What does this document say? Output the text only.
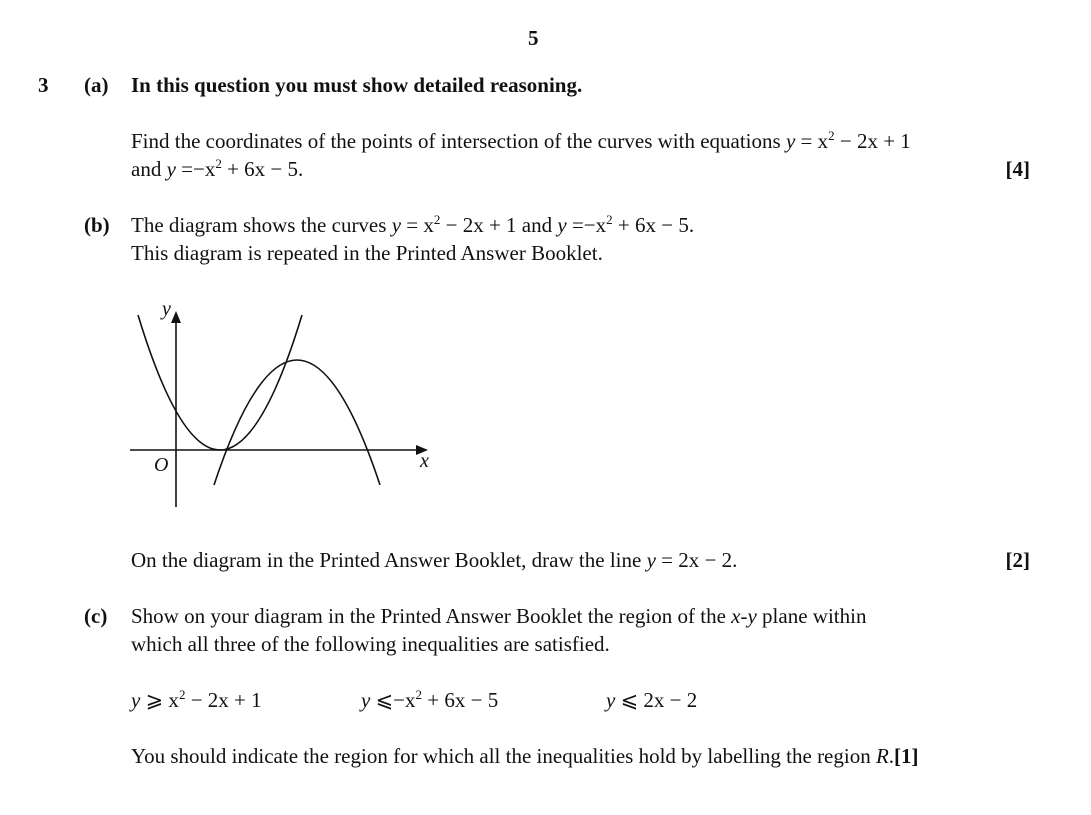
5
3 (a) In this question you must show detailed reasoning.
Find the coordinates of the points of intersection of the curves with equations $y = x^2 - 2x + 1$
and $y =-x^2 + 6x - 5$.	[4]
(b) The diagram shows the curves $y = x^2 - 2x + 1$ and $y =-x^2 + 6x - 5$.
This diagram is repeated in the Printed Answer Booklet.
y
x
O
On the diagram in the Printed Answer Booklet, draw the line y = 2x − 2.	[2]
(c) Show on your diagram in the Printed Answer Booklet the region of the x-y plane within
which all three of the following inequalities are satisfied.
y ⩾ $x^2 - 2x + 1$	y $⩽-x^2 + 6x - 5$	y ⩽ 2x − 2
You should indicate the region for which all the inequalities hold by labelling the region R.[1]
